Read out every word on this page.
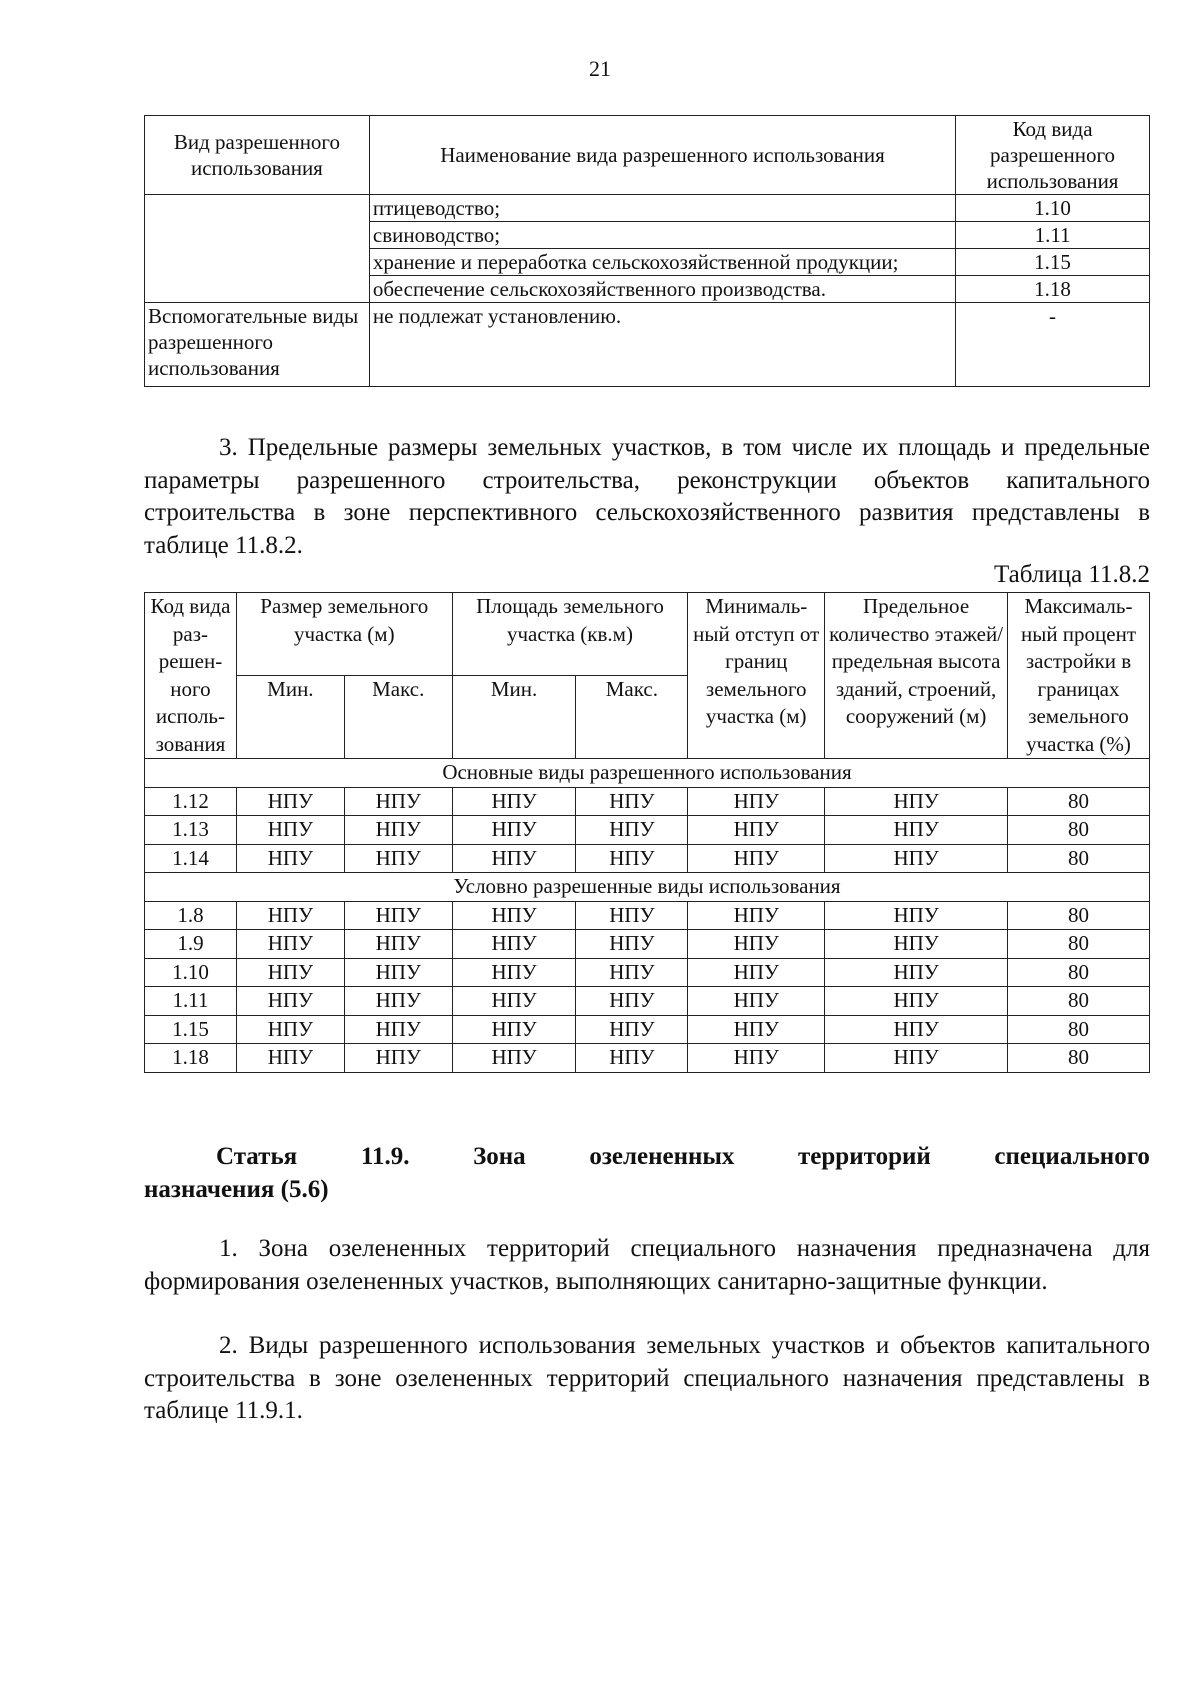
21
Вид разрешенного использования	Наименование вида разрешенного использования	Код вида разрешенного использования
	птицеводство;	1.10
	свиноводство;	1.11
	хранение и переработка сельскохозяйственной продукции;	1.15
	обеспечение сельскохозяйственного производства.	1.18
Вспомогательные виды разрешенного использования	не подлежат установлению.	-

3. Предельные размеры земельных участков, в том числе их площадь и предельные параметры разрешенного строительства, реконструкции объектов капитального строительства в зоне перспективного сельскохозяйственного развития представлены в таблице 11.8.2.

Таблица 11.8.2

Код вида раз-решен-ного исполь-зования	Размер земельного участка (м)		Площадь земельного участка (кв.м)		Минималь-ный отступ от границ земельного участка (м)	Предельное количество этажей/ предельная высота зданий, строений, сооружений (м)	Максималь-ный процент застройки в границах земельного участка (%)
	Мин.	Макс.	Мин.	Макс.			
Основные виды разрешенного использования							
1.12	НПУ	НПУ	НПУ	НПУ	НПУ	НПУ	80
1.13	НПУ	НПУ	НПУ	НПУ	НПУ	НПУ	80
1.14	НПУ	НПУ	НПУ	НПУ	НПУ	НПУ	80
Условно разрешенные виды использования							
1.8	НПУ	НПУ	НПУ	НПУ	НПУ	НПУ	80
1.9	НПУ	НПУ	НПУ	НПУ	НПУ	НПУ	80
1.10	НПУ	НПУ	НПУ	НПУ	НПУ	НПУ	80
1.11	НПУ	НПУ	НПУ	НПУ	НПУ	НПУ	80
1.15	НПУ	НПУ	НПУ	НПУ	НПУ	НПУ	80
1.18	НПУ	НПУ	НПУ	НПУ	НПУ	НПУ	80
Статья	11.9.	Зона	озелененных	территорий	специального
назначения (5.6)

1. Зона озелененных территорий специального назначения предназначена для формирования озелененных участков, выполняющих санитарно-защитные функции.

2. Виды разрешенного использования земельных участков и объектов капитального строительства в зоне озелененных территорий специального назначения представлены в таблице 11.9.1.
